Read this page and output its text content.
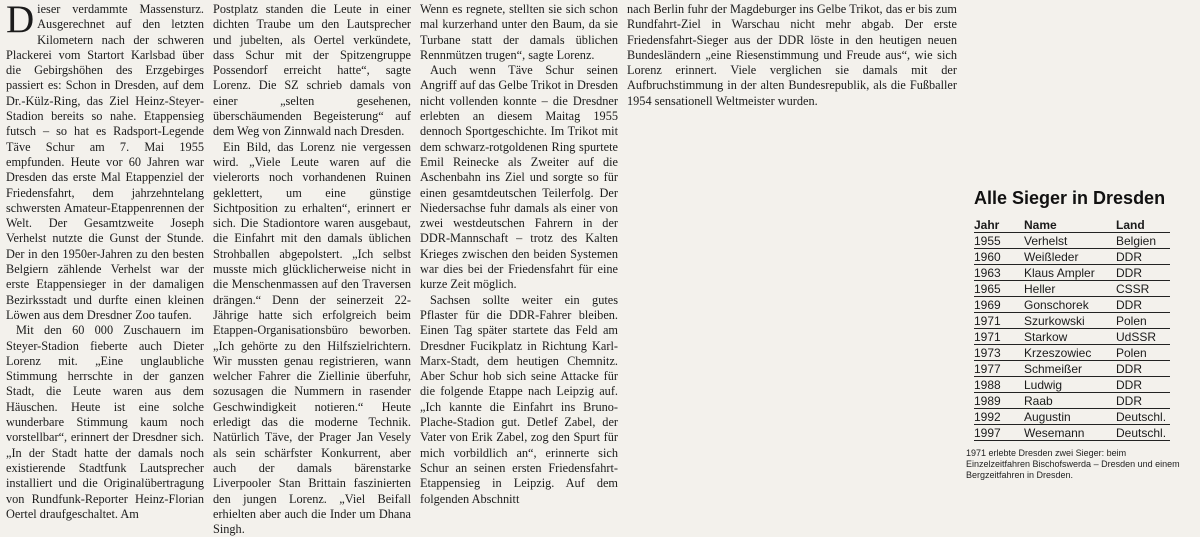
Dieser verdammte Massensturz. Ausgerechnet auf den letzten Kilometern nach der schweren Plackerei vom Startort Karlsbad über die Gebirgshöhen des Erzgebirges passiert es: Schon in Dresden, auf dem Dr.-Külz-Ring, das Ziel Heinz-Steyer-Stadion bereits so nahe. Etappensieg futsch – so hat es Radsport-Legende Täve Schur am 7. Mai 1955 empfunden. Heute vor 60 Jahren war Dresden das erste Mal Etappenziel der Friedensfahrt, dem jahrzehntelang schwersten Amateur-Etappenrennen der Welt. Der Gesamtzweite Joseph Verhelst nutzte die Gunst der Stunde. Der in den 1950er-Jahren zu den besten Belgiern zählende Verhelst war der erste Etappensieger in der damaligen Bezirksstadt und durfte einen kleinen Löwen aus dem Dresdner Zoo taufen.

Mit den 60 000 Zuschauern im Steyer-Stadion fieberte auch Dieter Lorenz mit. „Eine unglaubliche Stimmung herrschte in der ganzen Stadt, die Leute waren aus dem Häuschen. Heute ist eine solche wunderbare Stimmung kaum noch vorstellbar“, erinnert der Dresdner sich. „In der Stadt hatte der damals noch existierende Stadtfunk Lautsprecher installiert und die Originalübertragung von Rundfunk-Reporter Heinz-Florian Oertel draufgeschaltet. Am

Postplatz standen die Leute in einer dichten Traube um den Lautsprecher und jubelten, als Oertel verkündete, dass Schur mit der Spitzengruppe Possendorf erreicht hatte“, sagte Lorenz. Die SZ schrieb damals von einer „selten gesehenen, überschäumenden Begeisterung“ auf dem Weg von Zinnwald nach Dresden.

Ein Bild, das Lorenz nie vergessen wird. „Viele Leute waren auf die vielerorts noch vorhandenen Ruinen geklettert, um eine günstige Sichtposition zu erhalten“, erinnert er sich. Die Stadiontore waren ausgebaut, die Einfahrt mit den damals üblichen Strohballen abgepolstert. „Ich selbst musste mich glücklicherweise nicht in die Menschenmassen auf den Traversen drängen.“ Denn der seinerzeit 22-Jährige hatte sich erfolgreich beim Etappen-Organisationsbüro beworben. „Ich gehörte zu den Hilfszielrichtern. Wir mussten genau registrieren, wann welcher Fahrer die Ziellinie überfuhr, sozusagen die Nummern in rasender Geschwindigkeit notieren.“ Heute erledigt das die moderne Technik. Natürlich Täve, der Prager Jan Vesely als sein schärfster Konkurrent, aber auch der damals bärenstarke Liverpooler Stan Brittain faszinierten den jungen Lorenz. „Viel Beifall erhielten aber auch die Inder um Dhana Singh.

Wenn es regnete, stellten sie sich schon mal kurzerhand unter den Baum, da sie Turbane statt der damals üblichen Rennmützen trugen“, sagte Lorenz.

Auch wenn Täve Schur seinen Angriff auf das Gelbe Trikot in Dresden nicht vollenden konnte – die Dresdner erlebten an diesem Maitag 1955 dennoch Sportgeschichte. Im Trikot mit dem schwarz-rotgoldenen Ring spurtete Emil Reinecke als Zweiter auf die Aschenbahn ins Ziel und sorgte so für einen gesamtdeutschen Teilerfolg. Der Niedersachse fuhr damals als einer von zwei westdeutschen Fahrern in der DDR-Mannschaft – trotz des Kalten Krieges zwischen den beiden Systemen war dies bei der Friedensfahrt für eine kurze Zeit möglich.

Sachsen sollte weiter ein gutes Pflaster für die DDR-Fahrer bleiben. Einen Tag später startete das Feld am Dresdner Fucikplatz in Richtung Karl-Marx-Stadt, dem heutigen Chemnitz. Aber Schur hob sich seine Attacke für die folgende Etappe nach Leipzig auf. „Ich kannte die Einfahrt ins Bruno-Plache-Stadion gut. Detlef Zabel, der Vater von Erik Zabel, zog den Spurt für mich vorbildlich an“, erinnerte sich Schur an seinen ersten Friedensfahrt-Etappensieg in Leipzig. Auf dem folgenden Abschnitt

nach Berlin fuhr der Magdeburger ins Gelbe Trikot, das er bis zum Rundfahrt-Ziel in Warschau nicht mehr abgab. Der erste Friedensfahrt-Sieger aus der DDR löste in den heutigen neuen Bundesländern „eine Riesenstimmung und Freude aus“, wie sich Lorenz erinnert. Viele verglichen sie damals mit der Aufbruchstimmung in der alten Bundesrepublik, als die Fußballer 1954 sensationell Weltmeister wurden.

Alle Sieger in Dresden
Jahr	Name	Land
1955	Verhelst	Belgien
1960	Weißleder	DDR
1963	Klaus Ampler	DDR
1965	Heller	CSSR
1969	Gonschorek	DDR
1971	Szurkowski	Polen
1971	Starkow	UdSSR
1973	Krzeszowiec	Polen
1977	Schmeißer	DDR
1988	Ludwig	DDR
1989	Raab	DDR
1992	Augustin	Deutschl.
1997	Wesemann	Deutschl.
1971 erlebte Dresden zwei Sieger: beim Einzelzeitfahren Bischofswerda – Dresden und einem Bergzeitfahren in Dresden.
